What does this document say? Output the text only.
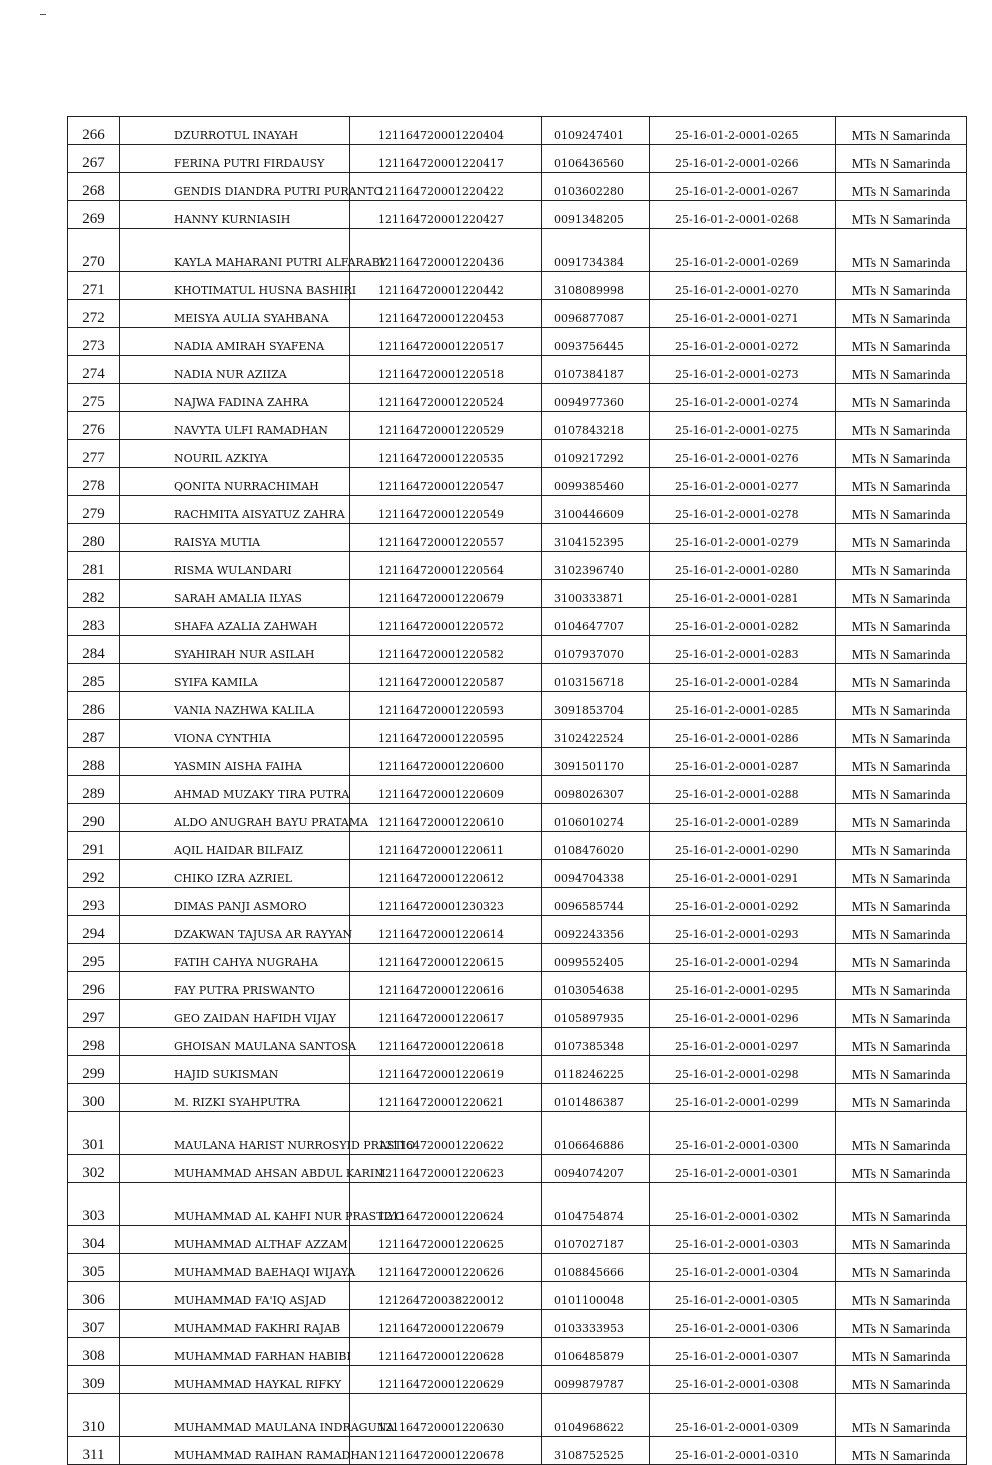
266	DZURROTUL INAYAH	121164720001220404	0109247401	25-16-01-2-0001-0265	MTs N Samarinda
267	FERINA PUTRI FIRDAUSY	121164720001220417	0106436560	25-16-01-2-0001-0266	MTs N Samarinda
268	GENDIS DIANDRA PUTRI PURANTO	121164720001220422	0103602280	25-16-01-2-0001-0267	MTs N Samarinda
269	HANNY KURNIASIH	121164720001220427	0091348205	25-16-01-2-0001-0268	MTs N Samarinda
270	KAYLA MAHARANI PUTRI ALFARABY	121164720001220436	0091734384	25-16-01-2-0001-0269	MTs N Samarinda
271	KHOTIMATUL HUSNA BASHIRI	121164720001220442	3108089998	25-16-01-2-0001-0270	MTs N Samarinda
272	MEISYA AULIA SYAHBANA	121164720001220453	0096877087	25-16-01-2-0001-0271	MTs N Samarinda
273	NADIA AMIRAH SYAFENA	121164720001220517	0093756445	25-16-01-2-0001-0272	MTs N Samarinda
274	NADIA NUR AZIIZA	121164720001220518	0107384187	25-16-01-2-0001-0273	MTs N Samarinda
275	NAJWA FADINA ZAHRA	121164720001220524	0094977360	25-16-01-2-0001-0274	MTs N Samarinda
276	NAVYTA ULFI RAMADHAN	121164720001220529	0107843218	25-16-01-2-0001-0275	MTs N Samarinda
277	NOURIL AZKIYA	121164720001220535	0109217292	25-16-01-2-0001-0276	MTs N Samarinda
278	QONITA NURRACHIMAH	121164720001220547	0099385460	25-16-01-2-0001-0277	MTs N Samarinda
279	RACHMITA AISYATUZ ZAHRA	121164720001220549	3100446609	25-16-01-2-0001-0278	MTs N Samarinda
280	RAISYA MUTIA	121164720001220557	3104152395	25-16-01-2-0001-0279	MTs N Samarinda
281	RISMA WULANDARI	121164720001220564	3102396740	25-16-01-2-0001-0280	MTs N Samarinda
282	SARAH AMALIA ILYAS	121164720001220679	3100333871	25-16-01-2-0001-0281	MTs N Samarinda
283	SHAFA AZALIA ZAHWAH	121164720001220572	0104647707	25-16-01-2-0001-0282	MTs N Samarinda
284	SYAHIRAH NUR ASILAH	121164720001220582	0107937070	25-16-01-2-0001-0283	MTs N Samarinda
285	SYIFA KAMILA	121164720001220587	0103156718	25-16-01-2-0001-0284	MTs N Samarinda
286	VANIA NAZHWA KALILA	121164720001220593	3091853704	25-16-01-2-0001-0285	MTs N Samarinda
287	VIONA CYNTHIA	121164720001220595	3102422524	25-16-01-2-0001-0286	MTs N Samarinda
288	YASMIN AISHA FAIHA	121164720001220600	3091501170	25-16-01-2-0001-0287	MTs N Samarinda
289	AHMAD MUZAKY TIRA PUTRA	121164720001220609	0098026307	25-16-01-2-0001-0288	MTs N Samarinda
290	ALDO ANUGRAH BAYU PRATAMA	121164720001220610	0106010274	25-16-01-2-0001-0289	MTs N Samarinda
291	AQIL HAIDAR BILFAIZ	121164720001220611	0108476020	25-16-01-2-0001-0290	MTs N Samarinda
292	CHIKO IZRA AZRIEL	121164720001220612	0094704338	25-16-01-2-0001-0291	MTs N Samarinda
293	DIMAS PANJI ASMORO	121164720001230323	0096585744	25-16-01-2-0001-0292	MTs N Samarinda
294	DZAKWAN TAJUSA AR RAYYAN	121164720001220614	0092243356	25-16-01-2-0001-0293	MTs N Samarinda
295	FATIH CAHYA NUGRAHA	121164720001220615	0099552405	25-16-01-2-0001-0294	MTs N Samarinda
296	FAY PUTRA PRISWANTO	121164720001220616	0103054638	25-16-01-2-0001-0295	MTs N Samarinda
297	GEO ZAIDAN HAFIDH VIJAY	121164720001220617	0105897935	25-16-01-2-0001-0296	MTs N Samarinda
298	GHOISAN MAULANA SANTOSA	121164720001220618	0107385348	25-16-01-2-0001-0297	MTs N Samarinda
299	HAJID SUKISMAN	121164720001220619	0118246225	25-16-01-2-0001-0298	MTs N Samarinda
300	M. RIZKI SYAHPUTRA	121164720001220621	0101486387	25-16-01-2-0001-0299	MTs N Samarinda
301	MAULANA HARIST NURROSYID PRASTIO	121164720001220622	0106646886	25-16-01-2-0001-0300	MTs N Samarinda
302	MUHAMMAD AHSAN ABDUL KARIM	121164720001220623	0094074207	25-16-01-2-0001-0301	MTs N Samarinda
303	MUHAMMAD AL KAHFI NUR PRASTIYO	121164720001220624	0104754874	25-16-01-2-0001-0302	MTs N Samarinda
304	MUHAMMAD ALTHAF AZZAM	121164720001220625	0107027187	25-16-01-2-0001-0303	MTs N Samarinda
305	MUHAMMAD BAEHAQI WIJAYA	121164720001220626	0108845666	25-16-01-2-0001-0304	MTs N Samarinda
306	MUHAMMAD FA'IQ ASJAD	121264720038220012	0101100048	25-16-01-2-0001-0305	MTs N Samarinda
307	MUHAMMAD FAKHRI RAJAB	121164720001220679	0103333953	25-16-01-2-0001-0306	MTs N Samarinda
308	MUHAMMAD FARHAN HABIBI	121164720001220628	0106485879	25-16-01-2-0001-0307	MTs N Samarinda
309	MUHAMMAD HAYKAL RIFKY	121164720001220629	0099879787	25-16-01-2-0001-0308	MTs N Samarinda
310	MUHAMMAD MAULANA INDRAGUNA	121164720001220630	0104968622	25-16-01-2-0001-0309	MTs N Samarinda
311	MUHAMMAD RAIHAN RAMADHAN	121164720001220678	3108752525	25-16-01-2-0001-0310	MTs N Samarinda
